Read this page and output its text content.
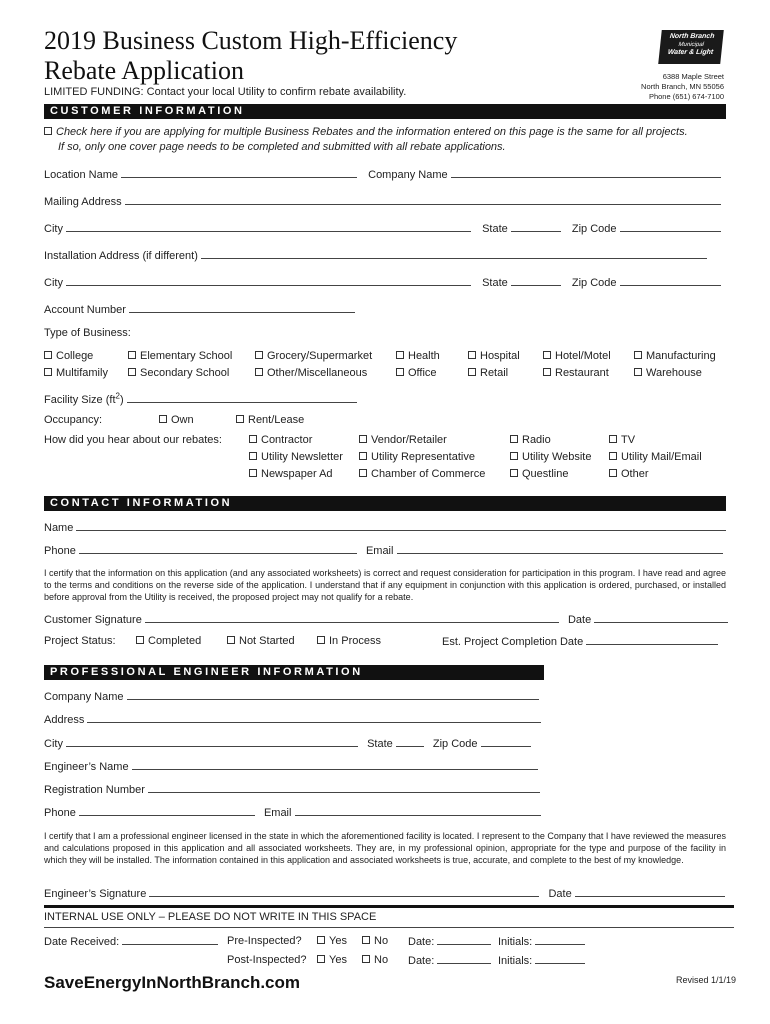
2019 Business Custom High-Efficiency
Rebate Application
LIMITED FUNDING: Contact your local Utility to confirm rebate availability.
North Branch
Municipal
Water & Light
6388 Maple Street
North Branch, MN 55056
Phone (651) 674-7100
CUSTOMER INFORMATION
Check here if you are applying for multiple Business Rebates and the information entered on this page is the same for all projects.
If so, only one cover page needs to be completed and submitted with all rebate applications.
Location Name	Company Name
Mailing Address
City	State	Zip Code
Installation Address (if different)
City	State	Zip Code
Account Number
Type of Business:
College	Elementary School	Grocery/Supermarket	Health	Hospital	Hotel/Motel	Manufacturing
Multifamily	Secondary School	Other/Miscellaneous	Office	Retail	Restaurant	Warehouse
Facility Size $(ft^2)$
Occupancy:	Own	Rent/Lease
How did you hear about our rebates:	Contractor	Vendor/Retailer	Radio	TV
Utility Newsletter	Utility Representative	Utility Website	Utility Mail/Email
Newspaper Ad	Chamber of Commerce	Questline	Other
CONTACT INFORMATION
Name
Phone	Email
I certify that the information on this application (and any associated worksheets) is correct and request consideration for participation in this program. I have read and agree to the terms and conditions on the reverse side of the application. I understand that if any equipment in conjunction with this application is ordered, purchased, or installed before approval from the Utility is received, the proposed project may not qualify for a rebate.
Customer Signature	Date
Project Status:	Completed	Not Started	In Process	Est. Project Completion Date
PROFESSIONAL ENGINEER INFORMATION
Company Name
Address
City	State	Zip Code
Engineer’s Name
Registration Number
Phone	Email
I certify that I am a professional engineer licensed in the state in which the aforementioned facility is located. I represent to the Company that I have reviewed the measures and calculations proposed in this application and all associated worksheets. They are, in my professional opinion, appropriate for the type and purpose of the facility in which they will be installed. The information contained in this application and associated worksheets is true, accurate, and complete to the best of my knowledge.
Engineer’s Signature	Date
INTERNAL USE ONLY – PLEASE DO NOT WRITE IN THIS SPACE
Date Received:	Pre-Inspected?	Yes	No Date:	Initials:
Post-Inspected?	Yes	No Date:	Initials:
SaveEnergyInNorthBranch.com	Revised 1/1/19
